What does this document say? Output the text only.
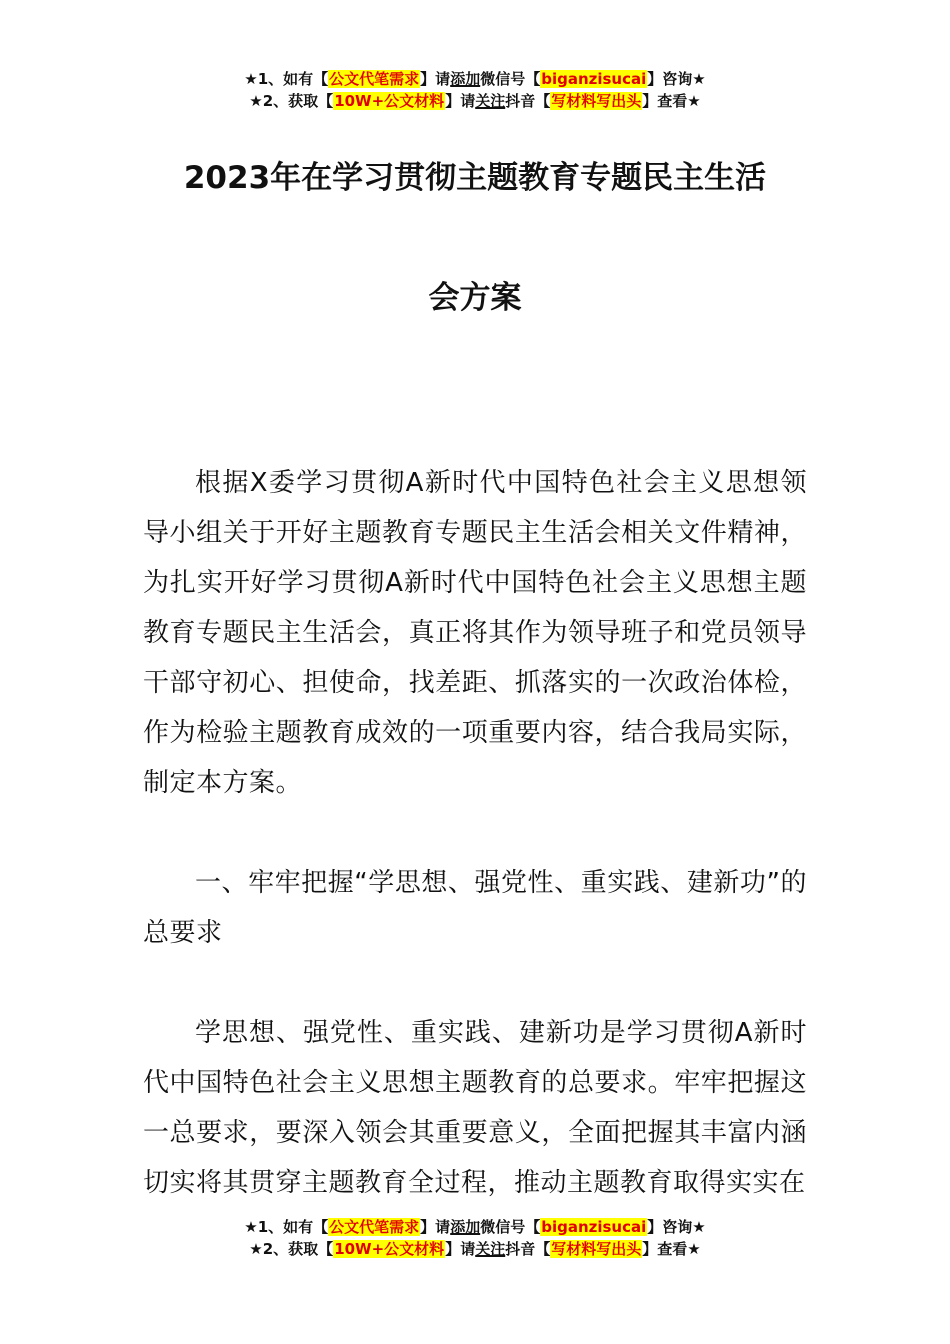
★1、如有【公文代笔需求】请添加微信号【biganzisucai】咨询★
★2、获取【10W+公文材料】请关注抖音【写材料写出头】查看★
2023年在学习贯彻主题教育专题民主生活
会方案

根据X委学习贯彻A新时代中国特色社会主义思想领导小组关于开好主题教育专题民主生活会相关文件精神，为扎实开好学习贯彻A新时代中国特色社会主义思想主题教育专题民主生活会，真正将其作为领导班子和党员领导干部守初心、担使命，找差距、抓落实的一次政治体检，作为检验主题教育成效的一项重要内容，结合我局实际，制定本方案。

一、牢牢把握“学思想、强党性、重实践、建新功”的总要求

学思想、强党性、重实践、建新功是学习贯彻A新时代中国特色社会主义思想主题教育的总要求。牢牢把握这一总要求，要深入领会其重要意义，全面把握其丰富内涵切实将其贯穿主题教育全过程，推动主题教育取得实实在

★1、如有【公文代笔需求】请添加微信号【biganzisucai】咨询★
★2、获取【10W+公文材料】请关注抖音【写材料写出头】查看★
